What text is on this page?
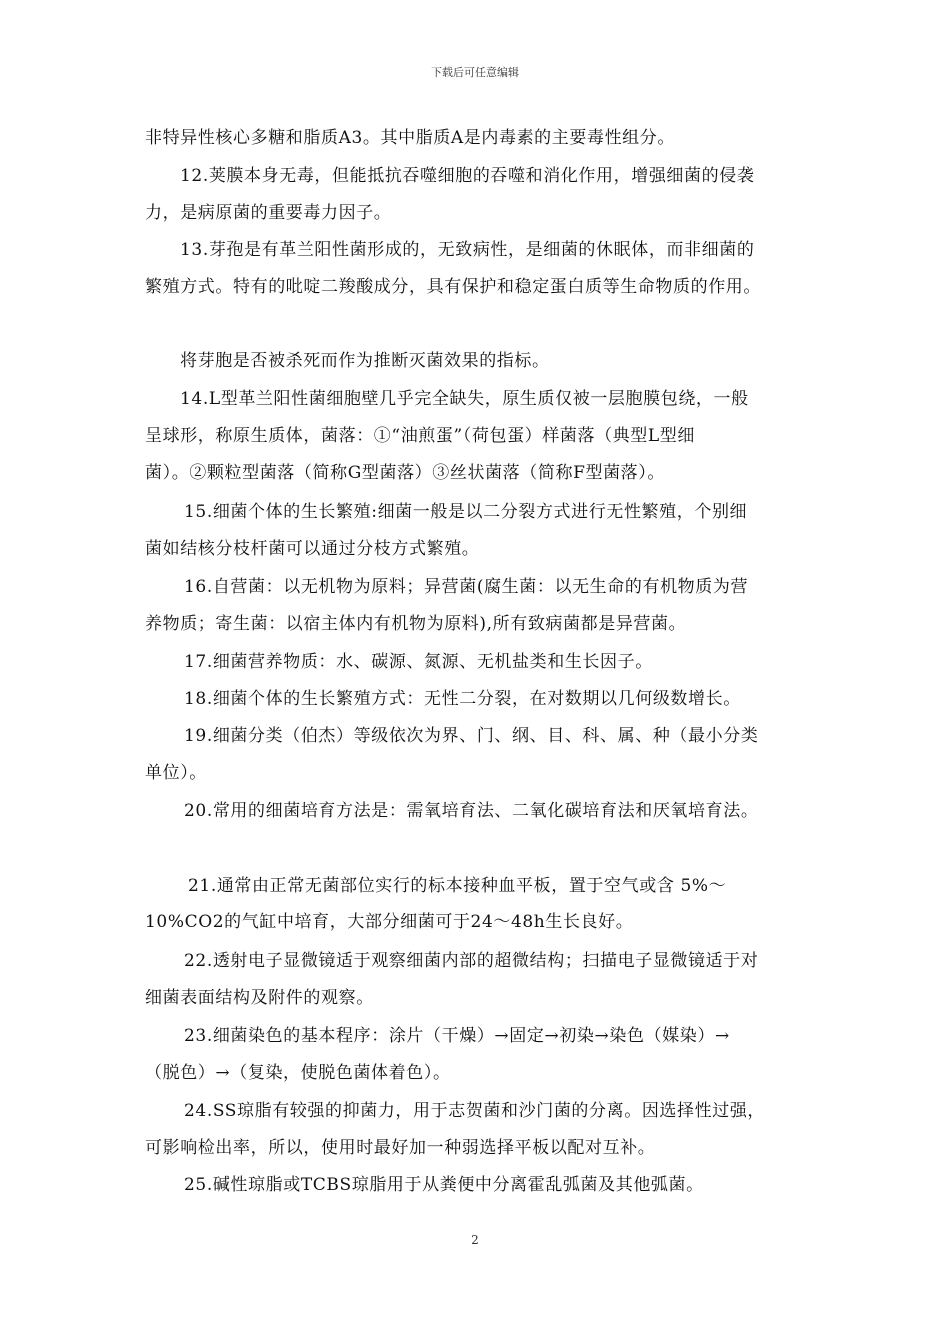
下载后可任意编辑
非特异性核心多糖和脂质A3。其中脂质A是内毒素的主要毒性组分。
12.荚膜本身无毒，但能抵抗吞噬细胞的吞噬和消化作用，增强细菌的侵袭
力，是病原菌的重要毒力因子。
13.芽孢是有革兰阳性菌形成的，无致病性，是细菌的休眠体，而非细菌的
繁殖方式。特有的吡啶二羧酸成分，具有保护和稳定蛋白质等生命物质的作用。
将芽胞是否被杀死而作为推断灭菌效果的指标。
14.L型革兰阳性菌细胞壁几乎完全缺失，原生质仅被一层胞膜包绕，一般
呈球形，称原生质体，菌落：①“油煎蛋”（荷包蛋）样菌落（典型L型细
菌）。②颗粒型菌落（简称G型菌落）③丝状菌落（简称F型菌落）。
15.细菌个体的生长繁殖:细菌一般是以二分裂方式进行无性繁殖，个别细
菌如结核分枝杆菌可以通过分枝方式繁殖。
16.自营菌：以无机物为原料；异营菌(腐生菌：以无生命的有机物质为营
养物质；寄生菌：以宿主体内有机物为原料),所有致病菌都是异营菌。
17.细菌营养物质：水、碳源、氮源、无机盐类和生长因子。
18.细菌个体的生长繁殖方式：无性二分裂，在对数期以几何级数增长。
19.细菌分类（伯杰）等级依次为界、门、纲、目、科、属、种（最小分类
单位）。
20.常用的细菌培育方法是：需氧培育法、二氧化碳培育法和厌氧培育法。
21.通常由正常无菌部位实行的标本接种血平板，置于空气或含 5%～
10%CO2的气缸中培育，大部分细菌可于24～48h生长良好。
22.透射电子显微镜适于观察细菌内部的超微结构；扫描电子显微镜适于对
细菌表面结构及附件的观察。
23.细菌染色的基本程序：涂片（干燥）→固定→初染→染色（媒染）→
（脱色）→（复染，使脱色菌体着色）。
24.SS琼脂有较强的抑菌力，用于志贺菌和沙门菌的分离。因选择性过强，
可影响检出率，所以，使用时最好加一种弱选择平板以配对互补。
25.碱性琼脂或TCBS琼脂用于从粪便中分离霍乱弧菌及其他弧菌。
2
